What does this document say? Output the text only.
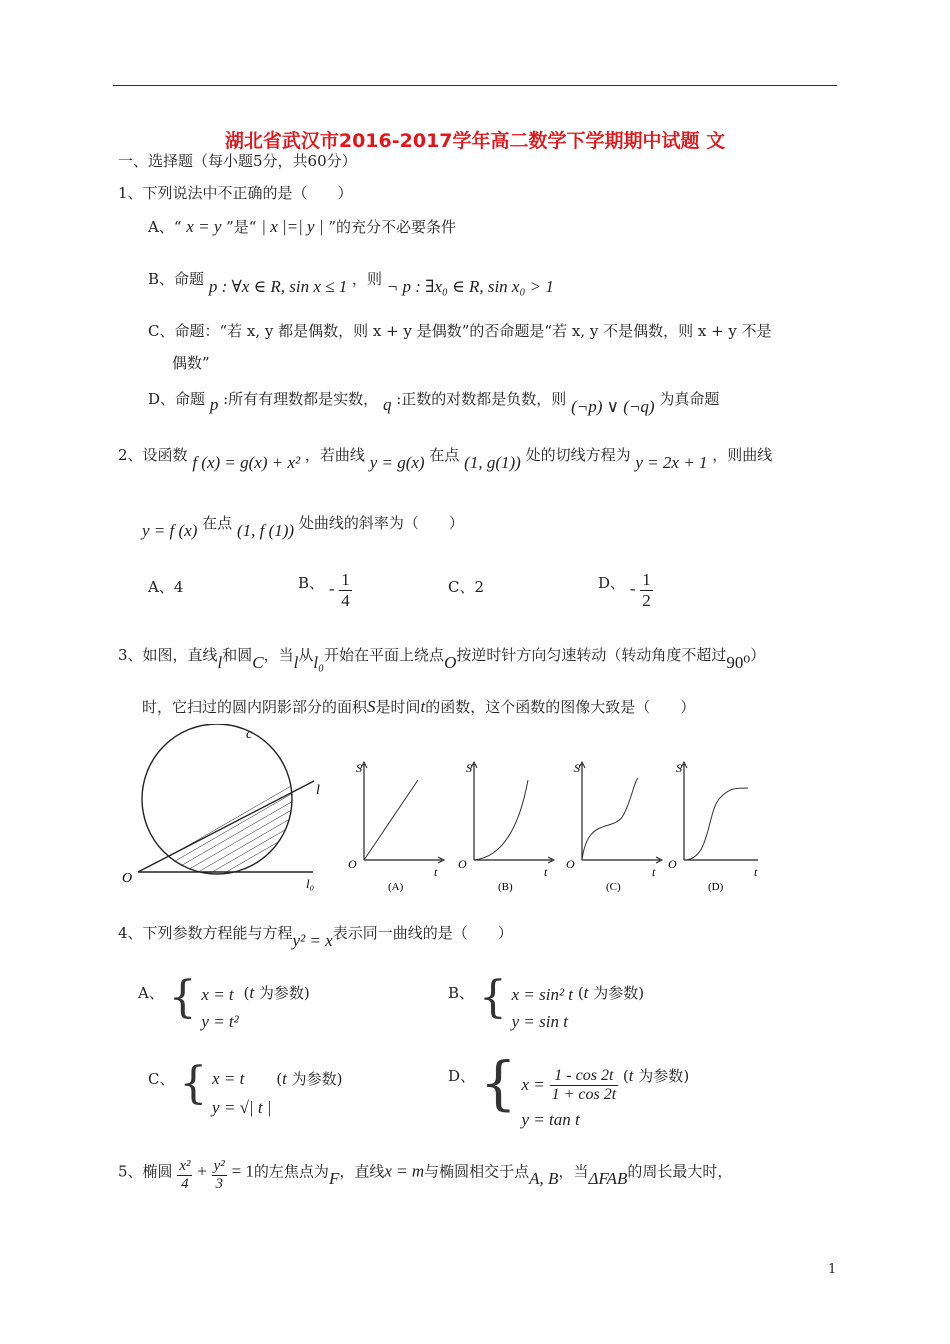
湖北省武汉市2016-2017学年高二数学下学期期中试题 文
一、选择题（每小题5分，共60分）
1、下列说法中不正确的是（　　）
A、“ x = y ”是“ | x |=| y | ”的充分不必要条件
B、命题 p : ∀x ∈ R, sin x ≤ 1 ，则 ¬ p : ∃x₀ ∈ R, sin x₀ > 1
C、命题：“若 x, y 都是偶数，则 x + y 是偶数”的否命题是“若 x, y 不是偶数，则 x + y 不是
偶数”
D、命题 p :所有有理数都是实数， q :正数的对数都是负数，则 (¬p) ∨ (¬q) 为真命题
2、设函数 f (x) = g(x) + x² ，若曲线 y = g(x) 在点 (1, g(1)) 处的切线方程为 y = 2x + 1 ，则曲线
y = f (x) 在点 (1, f (1)) 处曲线的斜率为（　　）
A、4	B、 - $\frac{1}{4}$	C、2	D、 - $\frac{1}{2}$
3、如图，直线l和圆C，当l从l₀开始在平面上绕点O按逆时针方向匀速转动（转动角度不超过90⁰）
时，它扫过的圆内阴影部分的面积S是时间t的函数，这个函数的图像大致是（　　）
c
l
O	l₀
S
O
t
(A)
S
O
t
(B)
S
O
t
(C)
S
O
t
(D)
4、下列参数方程能与方程y² = x表示同一曲线的是（　　）
A、 { x = t
y = t²
(t 为参数)	B、 { x = sin² t
y = sin t
(t 为参数)
C、 { x = t
y = √| t |
(t 为参数)	D、 { $x = \frac{1 - \cos 2t}{1 + \cos 2t}$
y = tan t
(t 为参数)
5、椭圆 $\frac{\text{x²}}{4} + \frac{\text{y²}}{3} = 1$的左焦点为F，直线x = m与椭圆相交于点A, B，当ΔFAB的周长最大时，
1
